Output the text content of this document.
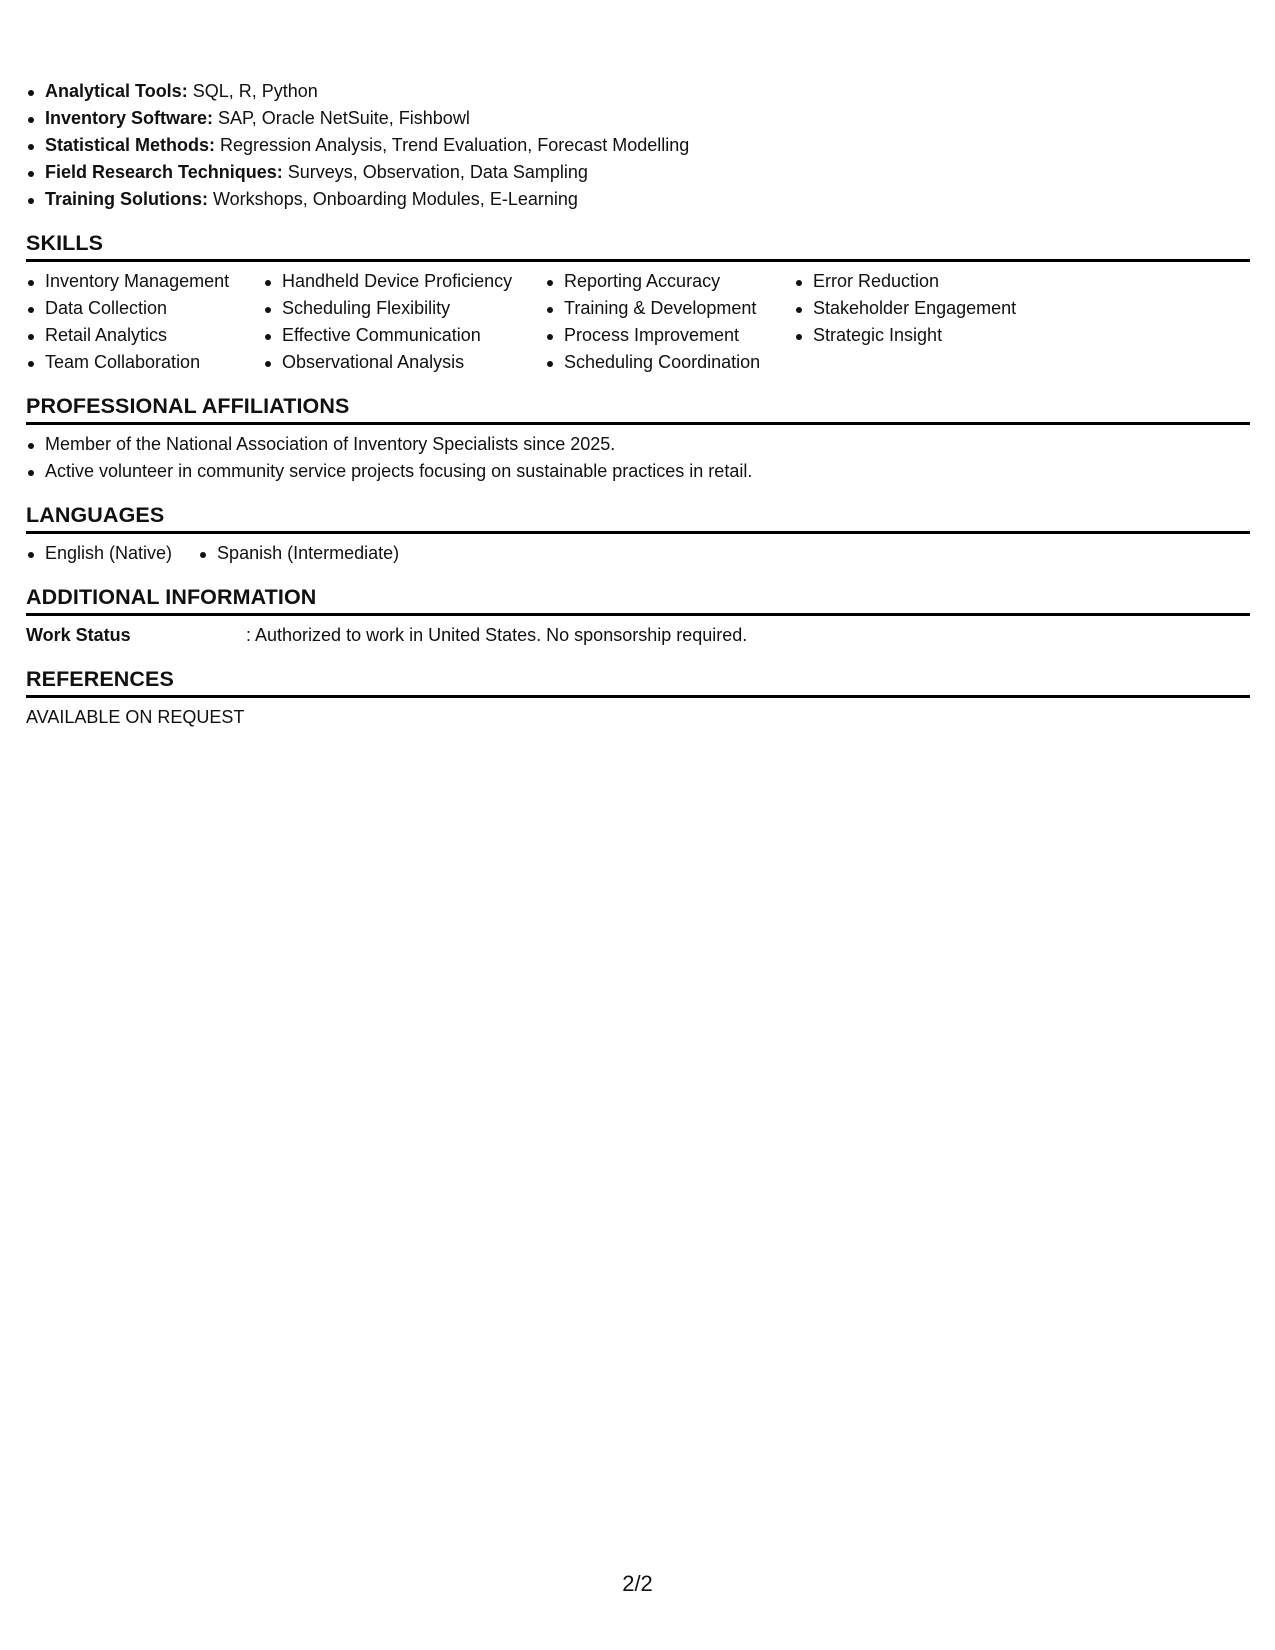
Analytical Tools: SQL, R, Python
Inventory Software: SAP, Oracle NetSuite, Fishbowl
Statistical Methods: Regression Analysis, Trend Evaluation, Forecast Modelling
Field Research Techniques: Surveys, Observation, Data Sampling
Training Solutions: Workshops, Onboarding Modules, E-Learning
SKILLS
Inventory Management
Data Collection
Retail Analytics
Team Collaboration
Handheld Device Proficiency
Scheduling Flexibility
Effective Communication
Observational Analysis
Reporting Accuracy
Training & Development
Process Improvement
Scheduling Coordination
Error Reduction
Stakeholder Engagement
Strategic Insight
PROFESSIONAL AFFILIATIONS
Member of the National Association of Inventory Specialists since 2025.
Active volunteer in community service projects focusing on sustainable practices in retail.
LANGUAGES
English (Native)	Spanish (Intermediate)
ADDITIONAL INFORMATION
Work Status	: Authorized to work in United States. No sponsorship required.
REFERENCES
AVAILABLE ON REQUEST
2/2
